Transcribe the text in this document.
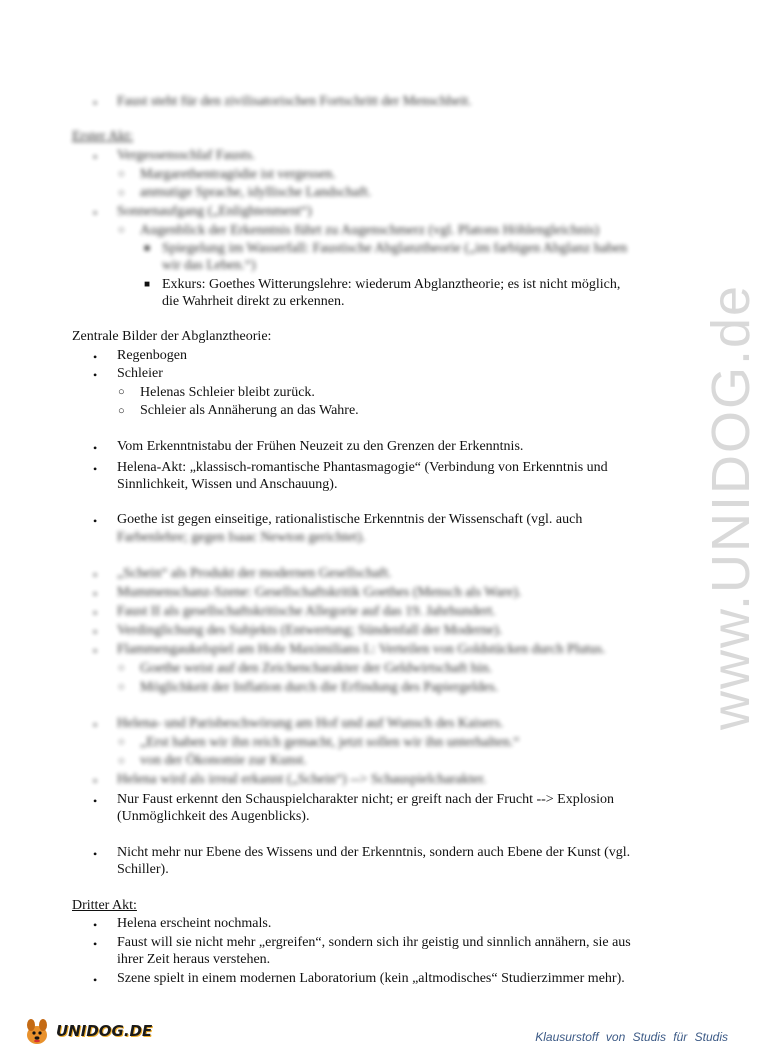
• Faust steht für den zivilisatorischen Fortschritt der Menschheit.
Erster Akt:
• Vergessensschlaf Fausts.
○ Margarethentragödie ist vergessen.
○ anmutige Sprache, idyllische Landschaft.
• Sonnenaufgang („Enlightenment“)
○ Augenblick der Erkenntnis führt zu Augenschmerz (vgl. Platons Höhlengleichnis)
■ Spiegelung im Wasserfall: Faustische Abglanztheorie („im farbigen Abglanz haben
wir das Leben.“)
■ Exkurs: Goethes Witterungslehre: wiederum Abglanztheorie; es ist nicht möglich,
die Wahrheit direkt zu erkennen.
Zentrale Bilder der Abglanztheorie:
• Regenbogen
• Schleier
○ Helenas Schleier bleibt zurück.
○ Schleier als Annäherung an das Wahre.
• Vom Erkenntnistabu der Frühen Neuzeit zu den Grenzen der Erkenntnis.
• Helena-Akt: „klassisch-romantische Phantasmagogie“ (Verbindung von Erkenntnis und
Sinnlichkeit, Wissen und Anschauung).
• Goethe ist gegen einseitige, rationalistische Erkenntnis der Wissenschaft (vgl. auch
Farbenlehre; gegen Isaac Newton gerichtet).
• „Schein“ als Produkt der modernen Gesellschaft.
• Mummenschanz-Szene: Gesellschaftskritik Goethes (Mensch als Ware).
• Faust II als gesellschaftskritische Allegorie auf das 19. Jahrhundert.
• Verdinglichung des Subjekts (Entwertung; Sündenfall der Moderne).
• Flammengaukelspiel am Hofe Maximilians I.: Verteilen von Goldstücken durch Plutus.
○ Goethe weist auf den Zeichencharakter der Geldwirtschaft hin.
○ Möglichkeit der Inflation durch die Erfindung des Papiergeldes.
• Helena- und Parisbeschwörung am Hof und auf Wunsch des Kaisers.
○ „Erst haben wir ihn reich gemacht, jetzt sollen wir ihn unterhalten.“
○ von der Ökonomie zur Kunst.
• Helena wird als irreal erkannt („Schein“) --> Schauspielcharakter.
• Nur Faust erkennt den Schauspielcharakter nicht; er greift nach der Frucht --> Explosion
(Unmöglichkeit des Augenblicks).
• Nicht mehr nur Ebene des Wissens und der Erkenntnis, sondern auch Ebene der Kunst (vgl.
Schiller).
Dritter Akt:
• Helena erscheint nochmals.
• Faust will sie nicht mehr „ergreifen“, sondern sich ihr geistig und sinnlich annähern, sie aus
ihrer Zeit heraus verstehen.
• Szene spielt in einem modernen Laboratorium (kein „altmodisches“ Studierzimmer mehr).
www.UNIDOG.de
UNIDOG.DE	Klausurstoff von Studis für Studis
